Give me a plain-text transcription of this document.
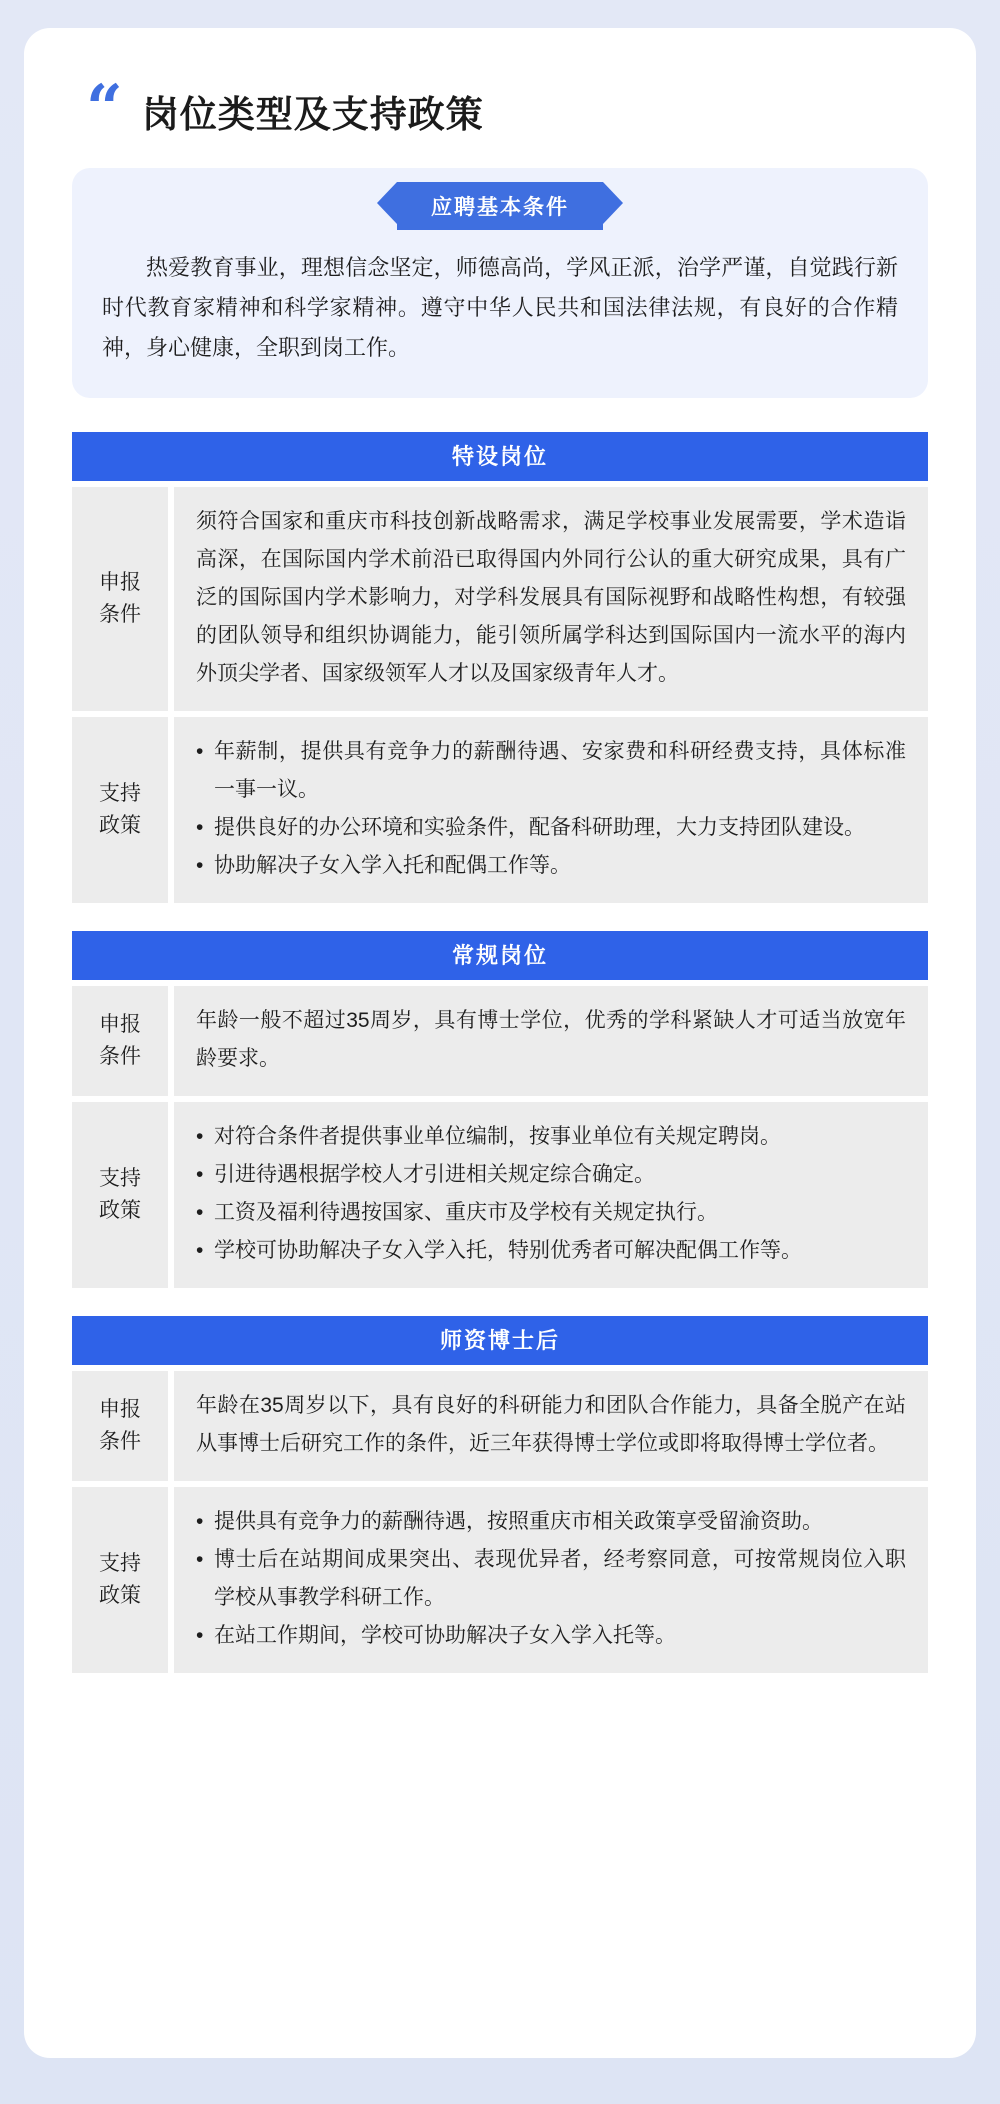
“ 岗位类型及支持政策
应聘基本条件
热爱教育事业，理想信念坚定，师德高尚，学风正派，治学严谨，自觉践行新时代教育家精神和科学家精神。遵守中华人民共和国法律法规，有良好的合作精神，身心健康，全职到岗工作。
特设岗位
申报
条件

须符合国家和重庆市科技创新战略需求，满足学校事业发展需要，学术造诣高深，在国际国内学术前沿已取得国内外同行公认的重大研究成果，具有广泛的国际国内学术影响力，对学科发展具有国际视野和战略性构想，有较强的团队领导和组织协调能力，能引领所属学科达到国际国内一流水平的海内外顶尖学者、国家级领军人才以及国家级青年人才。

支持
政策
• 年薪制，提供具有竞争力的薪酬待遇、安家费和科研经费支持，具体标准一事一议。
• 提供良好的办公环境和实验条件，配备科研助理，大力支持团队建设。
• 协助解决子女入学入托和配偶工作等。
常规岗位
申报
条件

年龄一般不超过35周岁，具有博士学位，优秀的学科紧缺人才可适当放宽年龄要求。

支持
政策
• 对符合条件者提供事业单位编制，按事业单位有关规定聘岗。
• 引进待遇根据学校人才引进相关规定综合确定。
• 工资及福利待遇按国家、重庆市及学校有关规定执行。
• 学校可协助解决子女入学入托，特别优秀者可解决配偶工作等。
师资博士后
申报
条件

年龄在35周岁以下，具有良好的科研能力和团队合作能力，具备全脱产在站从事博士后研究工作的条件，近三年获得博士学位或即将取得博士学位者。

支持
政策
• 提供具有竞争力的薪酬待遇，按照重庆市相关政策享受留渝资助。
• 博士后在站期间成果突出、表现优异者，经考察同意，可按常规岗位入职学校从事教学科研工作。
• 在站工作期间，学校可协助解决子女入学入托等。
